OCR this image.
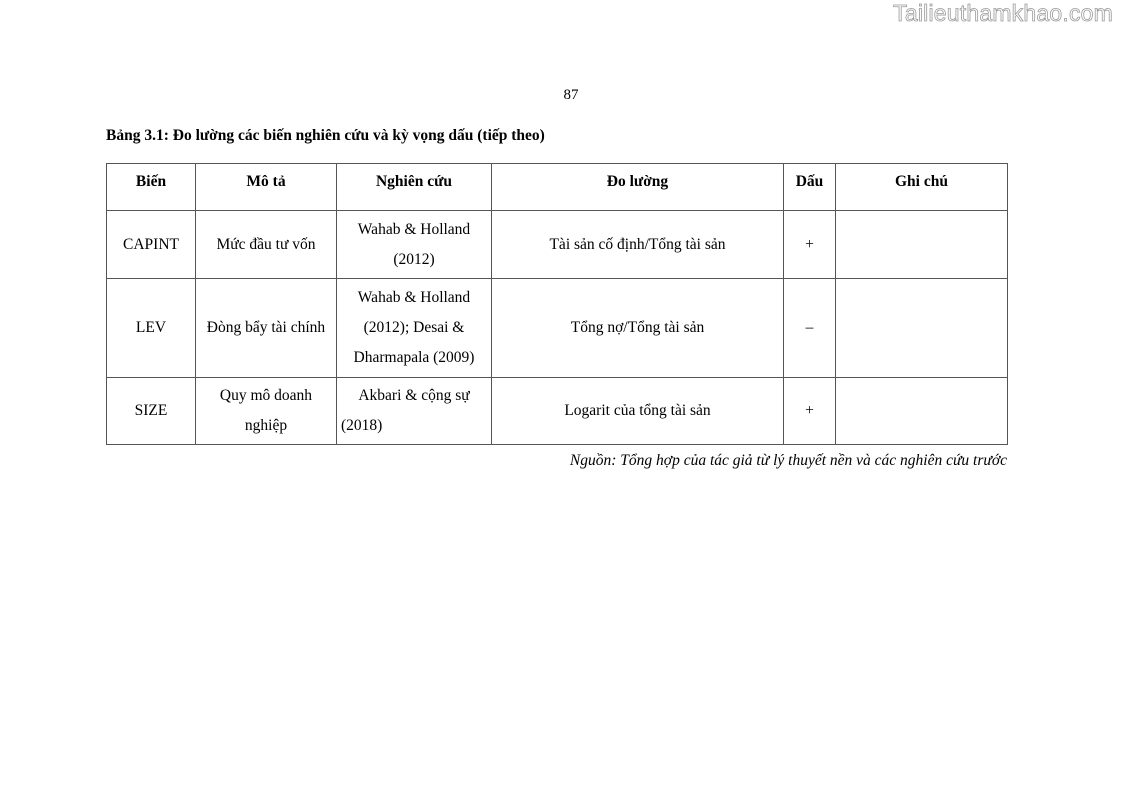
Tailieuthamkhao.com
87
Bảng 3.1: Đo lường các biến nghiên cứu và kỳ vọng dấu (tiếp theo)
Biến	Mô tả	Nghiên cứu	Đo lường	Dấu	Ghi chú
CAPINT	Mức đầu tư vốn	Wahab & Holland (2012)	Tài sản cố định/Tổng tài sản	+	
LEV	Đòng bẩy tài chính	Wahab & Holland (2012); Desai & Dharmapala (2009)	Tổng nợ/Tổng tài sản	–	
SIZE	Quy mô doanh nghiệp	Akbari & cộng sự (2018)	Logarit của tổng tài sản	+	
Nguồn: Tổng hợp của tác giả từ lý thuyết nền và các nghiên cứu trước
